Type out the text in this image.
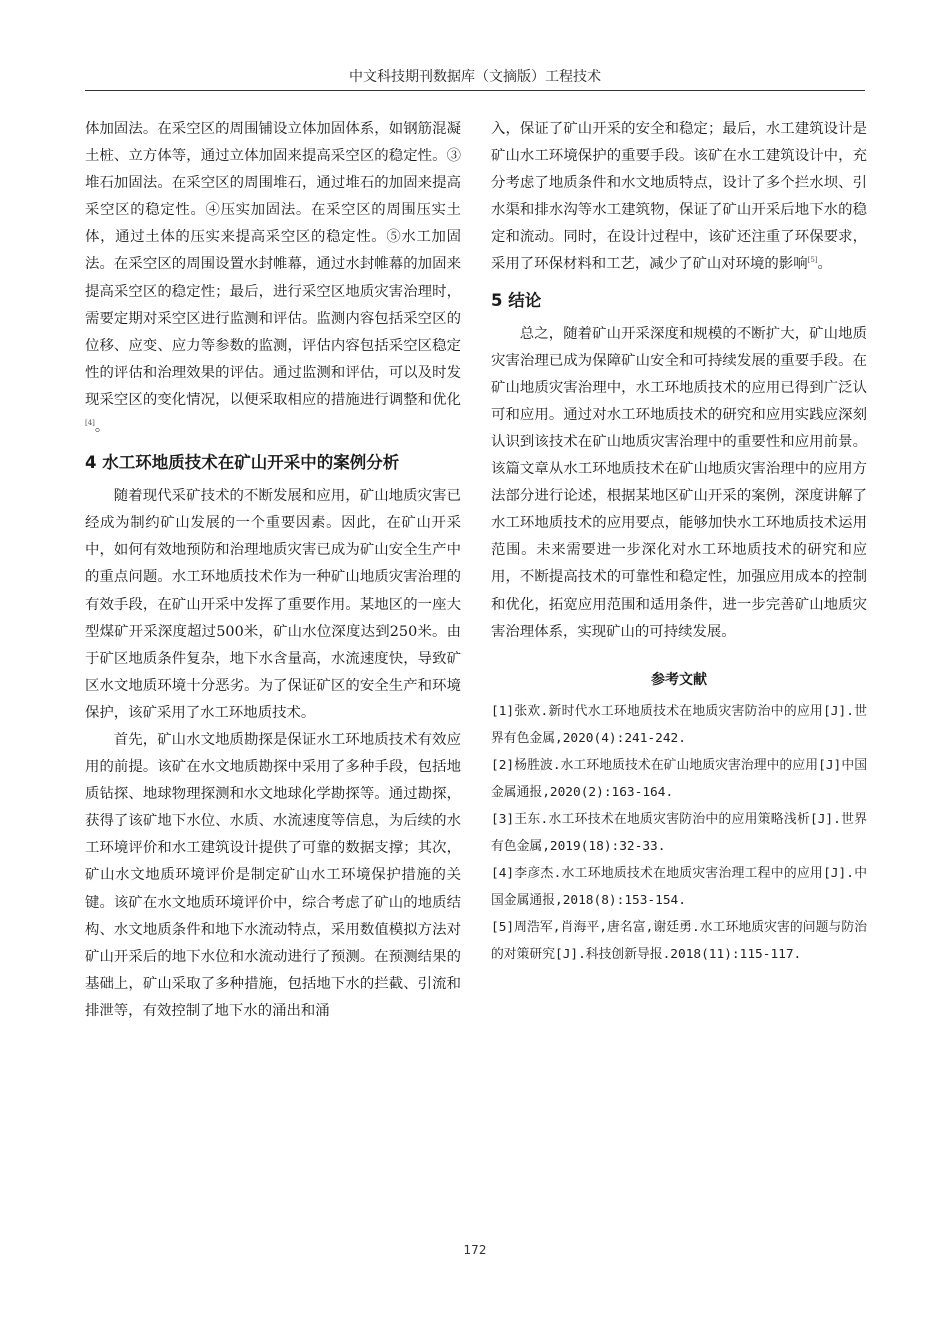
中文科技期刊数据库（文摘版）工程技术

体加固法。在采空区的周围铺设立体加固体系，如钢筋混凝土桩、立方体等，通过立体加固来提高采空区的稳定性。③堆石加固法。在采空区的周围堆石，通过堆石的加固来提高采空区的稳定性。④压实加固法。在采空区的周围压实土体，通过土体的压实来提高采空区的稳定性。⑤水工加固法。在采空区的周围设置水封帷幕，通过水封帷幕的加固来提高采空区的稳定性；最后，进行采空区地质灾害治理时，需要定期对采空区进行监测和评估。监测内容包括采空区的位移、应变、应力等参数的监测，评估内容包括采空区稳定性的评估和治理效果的评估。通过监测和评估，可以及时发现采空区的变化情况，以便采取相应的措施进行调整和优化[4]。

4 水工环地质技术在矿山开采中的案例分析

随着现代采矿技术的不断发展和应用，矿山地质灾害已经成为制约矿山发展的一个重要因素。因此，在矿山开采中，如何有效地预防和治理地质灾害已成为矿山安全生产中的重点问题。水工环地质技术作为一种矿山地质灾害治理的有效手段，在矿山开采中发挥了重要作用。某地区的一座大型煤矿开采深度超过500米，矿山水位深度达到250米。由于矿区地质条件复杂，地下水含量高，水流速度快，导致矿区水文地质环境十分恶劣。为了保证矿区的安全生产和环境保护，该矿采用了水工环地质技术。

首先，矿山水文地质勘探是保证水工环地质技术有效应用的前提。该矿在水文地质勘探中采用了多种手段，包括地质钻探、地球物理探测和水文地球化学勘探等。通过勘探，获得了该矿地下水位、水质、水流速度等信息，为后续的水工环境评价和水工建筑设计提供了可靠的数据支撑；其次，矿山水文地质环境评价是制定矿山水工环境保护措施的关键。该矿在水文地质环境评价中，综合考虑了矿山的地质结构、水文地质条件和地下水流动特点，采用数值模拟方法对矿山开采后的地下水位和水流动进行了预测。在预测结果的基础上，矿山采取了多种措施，包括地下水的拦截、引流和排泄等，有效控制了地下水的涌出和涌

入，保证了矿山开采的安全和稳定；最后，水工建筑设计是矿山水工环境保护的重要手段。该矿在水工建筑设计中，充分考虑了地质条件和水文地质特点，设计了多个拦水坝、引水渠和排水沟等水工建筑物，保证了矿山开采后地下水的稳定和流动。同时，在设计过程中，该矿还注重了环保要求，采用了环保材料和工艺，减少了矿山对环境的影响[5]。

5 结论

总之，随着矿山开采深度和规模的不断扩大，矿山地质灾害治理已成为保障矿山安全和可持续发展的重要手段。在矿山地质灾害治理中，水工环地质技术的应用已得到广泛认可和应用。通过对水工环地质技术的研究和应用实践应深刻认识到该技术在矿山地质灾害治理中的重要性和应用前景。该篇文章从水工环地质技术在矿山地质灾害治理中的应用方法部分进行论述，根据某地区矿山开采的案例，深度讲解了水工环地质技术的应用要点，能够加快水工环地质技术运用范围。未来需要进一步深化对水工环地质技术的研究和应用，不断提高技术的可靠性和稳定性，加强应用成本的控制和优化，拓宽应用范围和适用条件，进一步完善矿山地质灾害治理体系，实现矿山的可持续发展。

参考文献

[1]张欢.新时代水工环地质技术在地质灾害防治中的应用[J].世界有色金属,2020(4):241-242.

[2]杨胜波.水工环地质技术在矿山地质灾害治理中的应用[J]中国金属通报,2020(2):163-164.

[3]王东.水工环技术在地质灾害防治中的应用策略浅析[J].世界有色金属,2019(18):32-33.

[4]李彦杰.水工环地质技术在地质灾害治理工程中的应用[J].中国金属通报,2018(8):153-154.

[5]周浩军,肖海平,唐名富,谢廷勇.水工环地质灾害的问题与防治的对策研究[J].科技创新导报.2018(11):115-117.

172
